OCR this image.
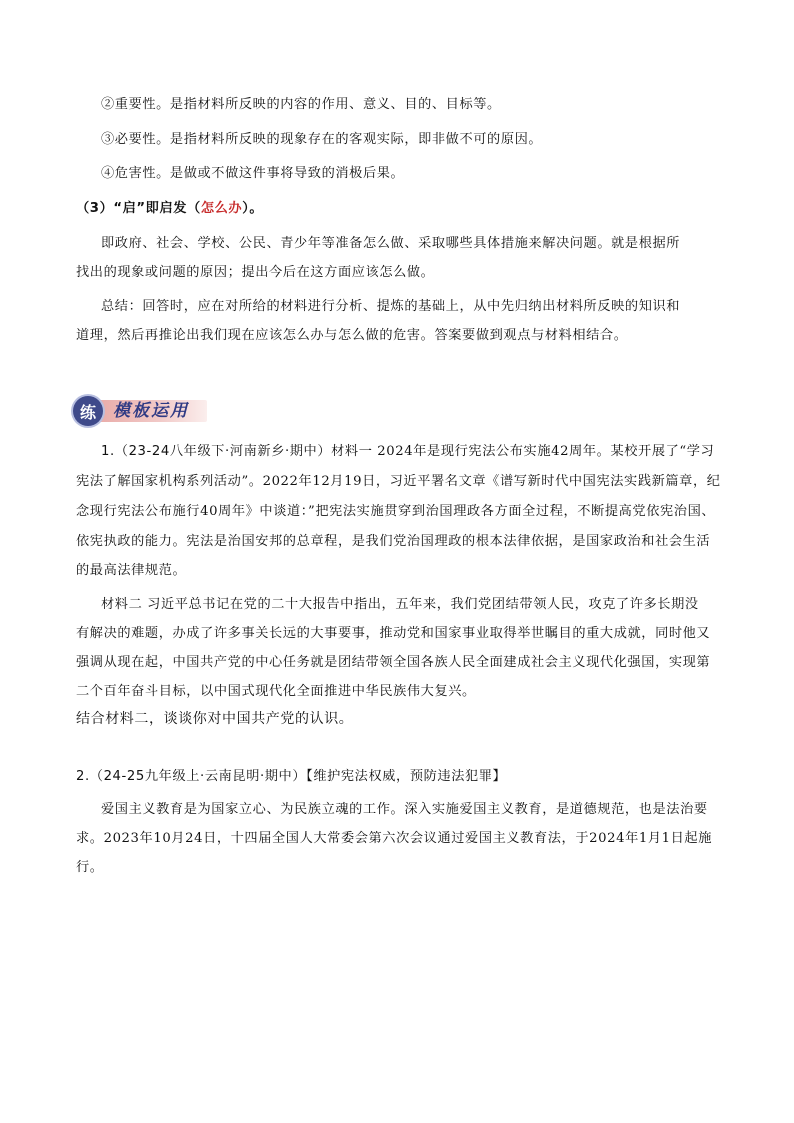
②重要性。是指材料所反映的内容的作用、意义、目的、目标等。
③必要性。是指材料所反映的现象存在的客观实际，即非做不可的原因。
④危害性。是做或不做这件事将导致的消极后果。
（3）“启”即启发（怎么办）。
即政府、社会、学校、公民、青少年等准备怎么做、采取哪些具体措施来解决问题。就是根据所
找出的现象或问题的原因；提出今后在这方面应该怎么做。
总结：回答时，应在对所给的材料进行分析、提炼的基础上，从中先归纳出材料所反映的知识和
道理，然后再推论出我们现在应该怎么办与怎么做的危害。答案要做到观点与材料相结合。
练	模板运用
1.（23-24八年级下·河南新乡·期中）材料一 2024年是现行宪法公布实施42周年。某校开展了“学习
宪法了解国家机构系列活动”。2022年12月19日，习近平署名文章《谱写新时代中国宪法实践新篇章，纪
念现行宪法公布施行40周年》中谈道：”把宪法实施贯穿到治国理政各方面全过程，不断提高党依宪治国、
依宪执政的能力。宪法是治国安邦的总章程，是我们党治国理政的根本法律依据，是国家政治和社会生活
的最高法律规范。
材料二 习近平总书记在党的二十大报告中指出，五年来，我们党团结带领人民，攻克了许多长期没
有解决的难题，办成了许多事关长远的大事要事，推动党和国家事业取得举世瞩目的重大成就，同时他又
强调从现在起，中国共产党的中心任务就是团结带领全国各族人民全面建成社会主义现代化强国，实现第
二个百年奋斗目标，以中国式现代化全面推进中华民族伟大复兴。
结合材料二，谈谈你对中国共产党的认识。
2.（24-25九年级上·云南昆明·期中）【维护宪法权威，预防违法犯罪】
爱国主义教育是为国家立心、为民族立魂的工作。深入实施爱国主义教育，是道德规范，也是法治要
求。2023年10月24日，十四届全国人大常委会第六次会议通过爱国主义教育法，于2024年1月1日起施
行。
